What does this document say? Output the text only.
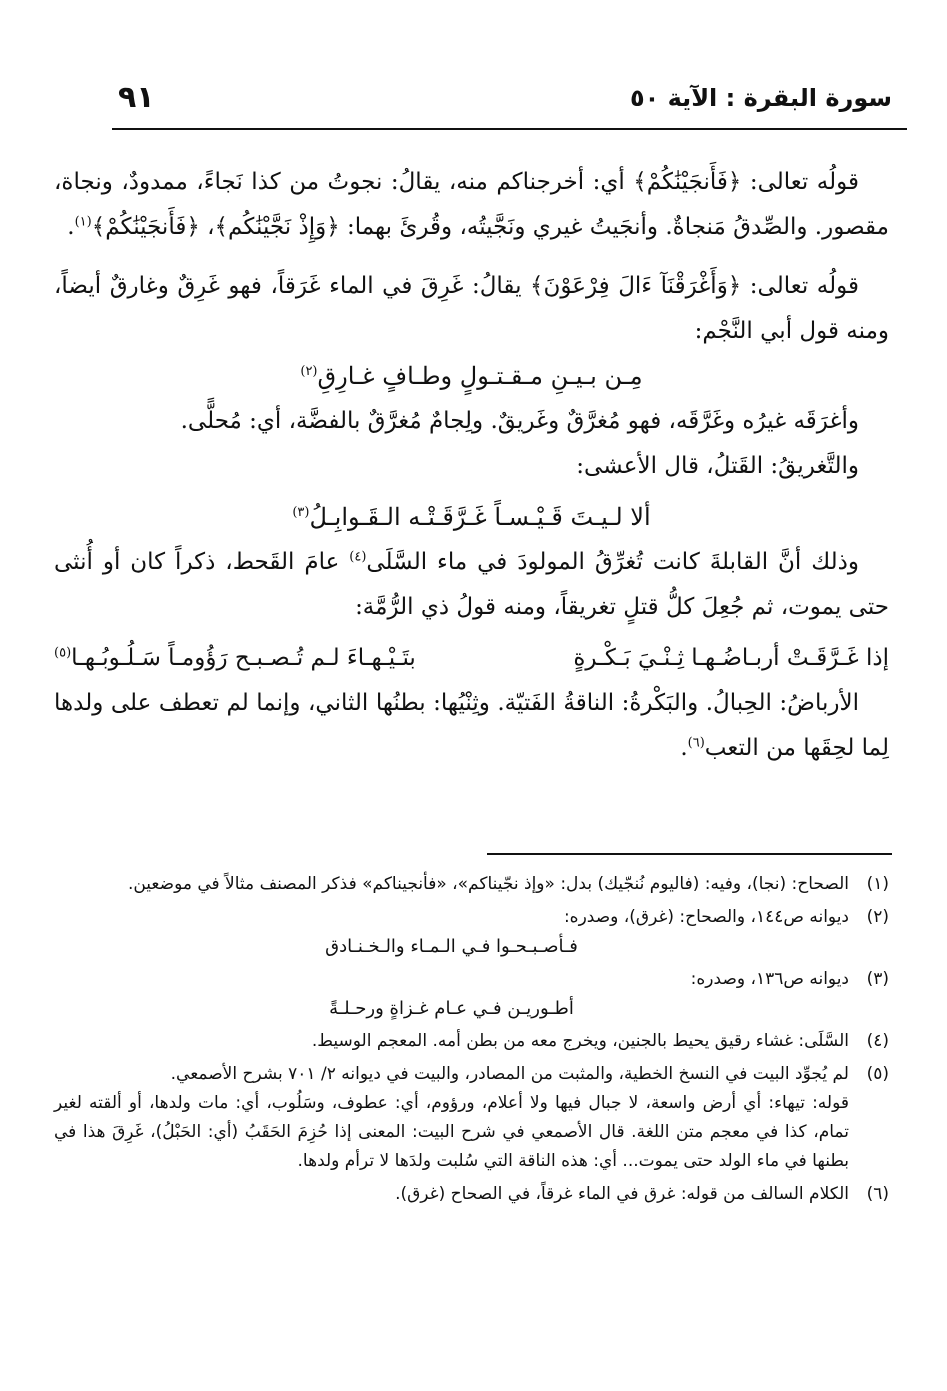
سورة البقرة : الآية ٥٠
٩١

قولُه تعالى: ﴿فَأَنجَيْنَٰكُمْ﴾ أي: أخرجناكم منه، يقالُ: نجوتُ من كذا نَجاءً، ممدودٌ، ونجاة، مقصور. والصِّدقُ مَنجاةٌ. وأنجَيتُ غيري ونَجَّيتُه، وقُرئَ بهما: ﴿وَإِذْ نَجَّيْنَٰكُم﴾، ﴿فَأَنجَيْنَٰكُمْ﴾$^{(١)}$.

قولُه تعالى: ﴿وَأَغْرَقْنَآ ءَالَ فِرْعَوْنَ﴾ يقالُ: غَرِقَ في الماء غَرَقاً، فهو غَرِقٌ وغارقٌ أيضاً، ومنه قول أبي النَّجْم:

مِـن بـيـنِ مـقـتـولٍ وطـافٍ غـارِقِ$^{(٢)}$

وأغرَقَه غيرُه وغَرَّقَه، فهو مُغرَّقٌ وغَريقٌ. ولِجامٌ مُغرَّقٌ بالفضَّة، أي: مُحلًّى.

والتَّغريقُ: القَتلُ، قال الأعشى:

ألا لـيـتَ قَـيْـسـاً غَـرَّقَـتْـه الـقَـوابِـلُ$^{(٣)}$

وذلك أنَّ القابلةَ كانت تُغرِّقُ المولودَ في ماء السَّلَى$^{(٤)}$ عامَ القَحط، ذكراً كان أو أُنثى حتى يموت، ثم جُعِلَ كلُّ قتلٍ تغريقاً، ومنه قولُ ذي الرُّمَّة:

إذا غَـرَّقَـتْ أربـاضُـهـا ثِـنْـيَ بَـكْـرةٍ
بتَـيْـهـاءَ لـم تُـصـبـح رَؤُومـاً سَـلُـوبُـهـا$^{(٥)}$

الأرباضُ: الحِبالُ. والبَكْرةُ: الناقةُ الفَتيّة. وثِنْيُها: بطنُها الثاني، وإنما لم تعطف على ولدها لِما لحِقَها من التعب$^{(٦)}$.

(١)
الصحاح: (نجا)، وفيه: (فاليوم نُنجّيك) بدل: «وإذ نجّيناكم»، «فأنجيناكم» فذكر المصنف مثالاً في موضعين.
(٢)

ديوانه ص١٤٤، والصحاح: (غرق)، وصدره:

فـأصـبـحـوا فـي الـمـاء والـخـنـادق

(٣)

ديوانه ص١٣٦، وصدره:

أطـوريـن فـي عـام غـزاةٍ ورحـلـةً

(٤)
السَّلَى: غشاء رقيق يحيط بالجنين، ويخرج معه من بطن أمه. المعجم الوسيط.
(٥)

لم يُجوِّد البيت في النسخ الخطية، والمثبت من المصادر، والبيت في ديوانه ٢/ ٧٠١ بشرح الأصمعي.

قوله: تيهاء: أي أرض واسعة، لا جبال فيها ولا أعلام، ورؤوم، أي: عطوف، وسَلُوب، أي: مات ولدها، أو ألقته لغير تمام، كذا في معجم متن اللغة. قال الأصمعي في شرح البيت: المعنى إذا حُزِمَ الحَقَبُ (أي: الحَبْلُ)، غَرِقَ هذا في بطنها في ماء الولد حتى يموت... أي: هذه الناقة التي سُلبت ولدَها لا ترأم ولدها.

(٦)
الكلام السالف من قوله: غرق في الماء غرقاً، في الصحاح (غرق).
